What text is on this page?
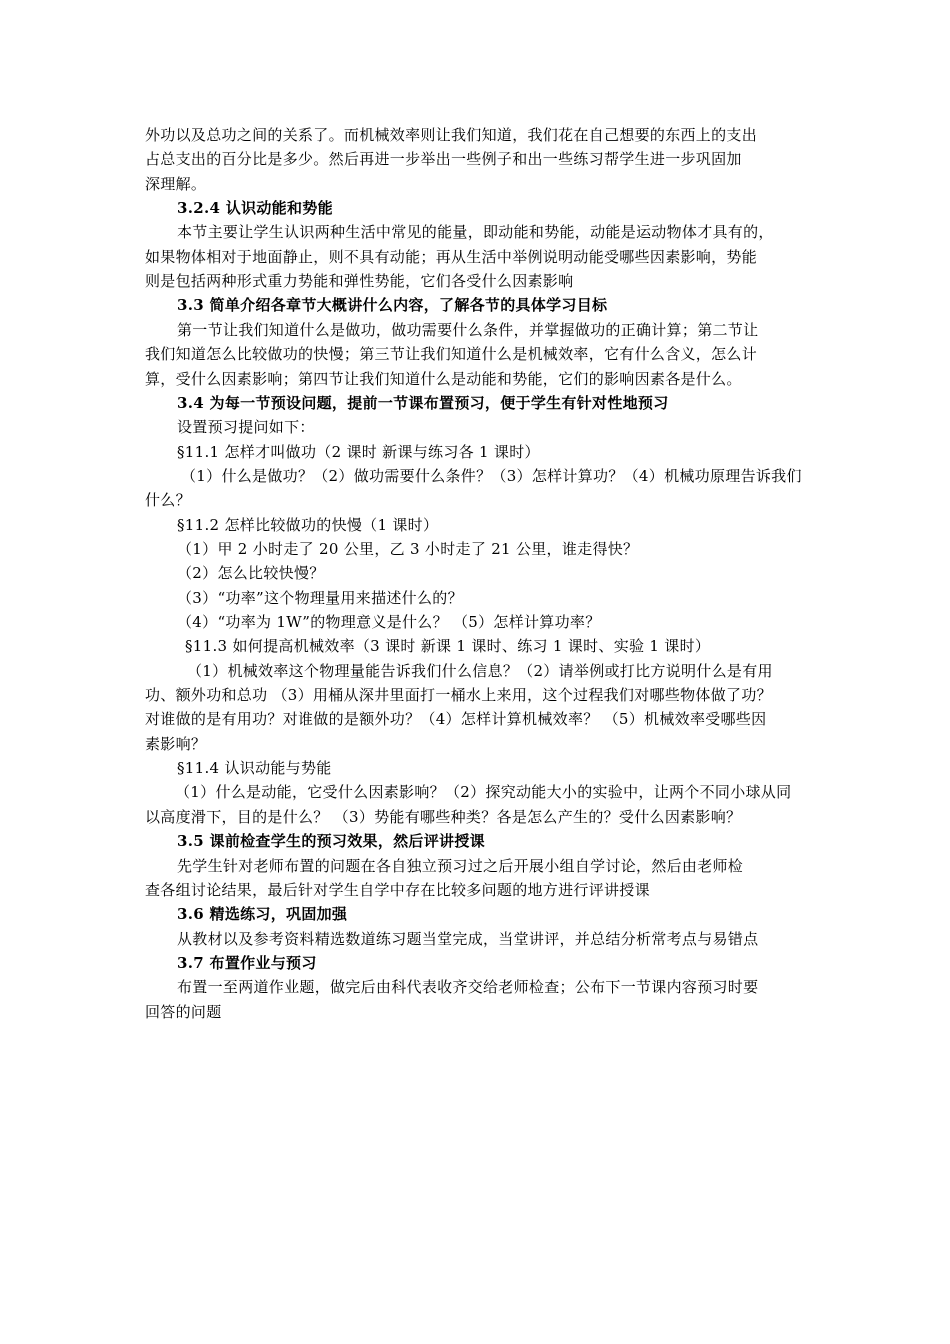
外功以及总功之间的关系了。而机械效率则让我们知道，我们花在自己想要的东西上的支出
占总支出的百分比是多少。然后再进一步举出一些例子和出一些练习帮学生进一步巩固加
深理解。
3.2.4 认识动能和势能
本节主要让学生认识两种生活中常见的能量，即动能和势能，动能是运动物体才具有的，
如果物体相对于地面静止，则不具有动能；再从生活中举例说明动能受哪些因素影响，势能
则是包括两种形式重力势能和弹性势能，它们各受什么因素影响
3.3 简单介绍各章节大概讲什么内容，了解各节的具体学习目标
第一节让我们知道什么是做功，做功需要什么条件，并掌握做功的正确计算；第二节让
我们知道怎么比较做功的快慢；第三节让我们知道什么是机械效率，它有什么含义，怎么计
算，受什么因素影响；第四节让我们知道什么是动能和势能，它们的影响因素各是什么。
3.4 为每一节预设问题，提前一节课布置预习，便于学生有针对性地预习
设置预习提问如下：
§11.1 怎样才叫做功（2 课时 新课与练习各 1 课时）
（1）什么是做功？（2）做功需要什么条件？（3）怎样计算功？（4）机械功原理告诉我们
什么？
§11.2 怎样比较做功的快慢（1 课时）
（1）甲 2 小时走了 20 公里，乙 3 小时走了 21 公里，谁走得快？
（2）怎么比较快慢？
（3）“功率”这个物理量用来描述什么的？
（4）“功率为 1W”的物理意义是什么？ （5）怎样计算功率？
§11.3 如何提高机械效率（3 课时 新课 1 课时、练习 1 课时、实验 1 课时）
（1）机械效率这个物理量能告诉我们什么信息？（2）请举例或打比方说明什么是有用
功、额外功和总功 （3）用桶从深井里面打一桶水上来用，这个过程我们对哪些物体做了功？
对谁做的是有用功？对谁做的是额外功？（4）怎样计算机械效率？ （5）机械效率受哪些因
素影响？
§11.4 认识动能与势能
（1）什么是动能，它受什么因素影响？（2）探究动能大小的实验中，让两个不同小球从同
以高度滑下，目的是什么？ （3）势能有哪些种类？各是怎么产生的？受什么因素影响？
3.5 课前检查学生的预习效果，然后评讲授课
先学生针对老师布置的问题在各自独立预习过之后开展小组自学讨论，然后由老师检
查各组讨论结果，最后针对学生自学中存在比较多问题的地方进行评讲授课
3.6 精选练习，巩固加强
从教材以及参考资料精选数道练习题当堂完成，当堂讲评，并总结分析常考点与易错点
3.7 布置作业与预习
布置一至两道作业题，做完后由科代表收齐交给老师检查；公布下一节课内容预习时要
回答的问题
